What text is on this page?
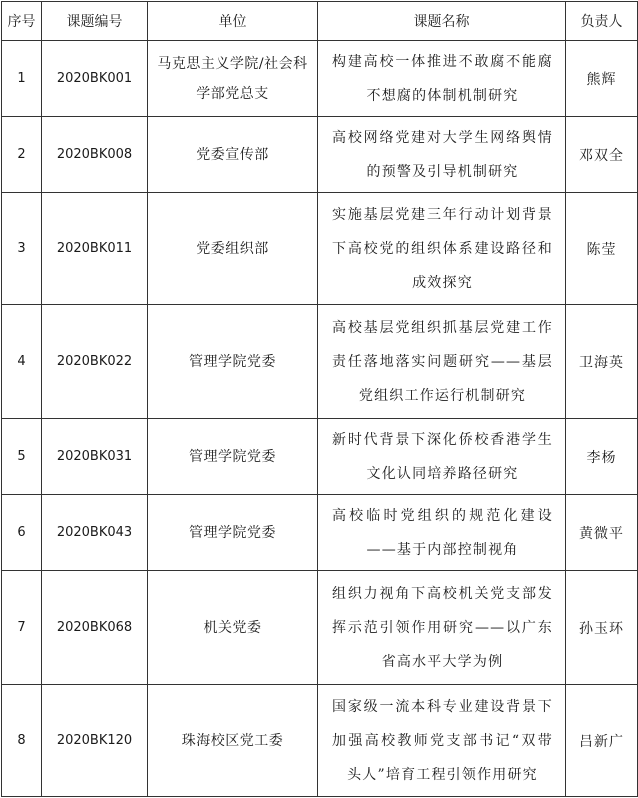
序号	课题编号	单位	课题名称	负责人
1	2020BK001	马克思主义学院/社会科学部党总支	构建高校一体推进不敢腐不能腐不想腐的体制机制研究	熊辉
2	2020BK008	党委宣传部	高校网络党建对大学生网络舆情的预警及引导机制研究	邓双全
3	2020BK011	党委组织部	实施基层党建三年行动计划背景下高校党的组织体系建设路径和成效探究	陈莹
4	2020BK022	管理学院党委	高校基层党组织抓基层党建工作责任落地落实问题研究——基层党组织工作运行机制研究	卫海英
5	2020BK031	管理学院党委	新时代背景下深化侨校香港学生文化认同培养路径研究	李杨
6	2020BK043	管理学院党委	高校临时党组织的规范化建设——基于内部控制视角	黄微平
7	2020BK068	机关党委	组织力视角下高校机关党支部发挥示范引领作用研究——以广东省高水平大学为例	孙玉环
8	2020BK120	珠海校区党工委	国家级一流本科专业建设背景下加强高校教师党支部书记“双带头人”培育工程引领作用研究	吕新广
